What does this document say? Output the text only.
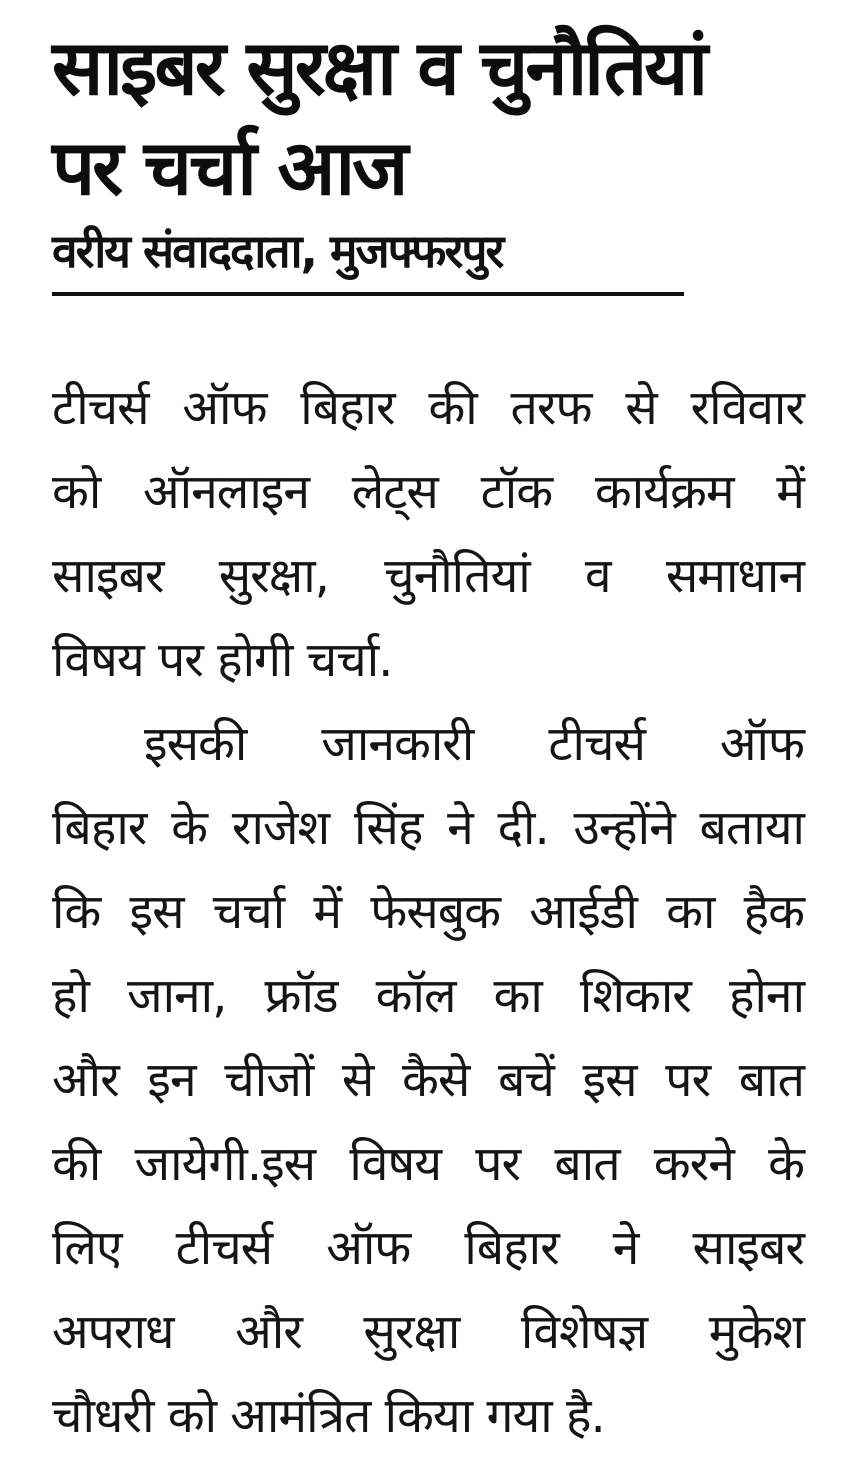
साइबर सुरक्षा व चुनौतियां
पर चर्चा आज
वरीय संवाददाता, मुजफ्फरपुर
टीचर्स ऑफ बिहार की तरफ से रविवार
को ऑनलाइन लेट्स टॉक कार्यक्रम में
साइबर सुरक्षा, चुनौतियां व समाधान
विषय पर होगी चर्चा.
इसकी जानकारी टीचर्स ऑफ
बिहार के राजेश सिंह ने दी. उन्होंने बताया
कि इस चर्चा में फेसबुक आईडी का हैक
हो जाना, फ्रॉड कॉल का शिकार होना
और इन चीजों से कैसे बचें इस पर बात
की जायेगी.इस विषय पर बात करने के
लिए टीचर्स ऑफ बिहार ने साइबर
अपराध और सुरक्षा विशेषज्ञ मुकेश
चौधरी को आमंत्रित किया गया है.
